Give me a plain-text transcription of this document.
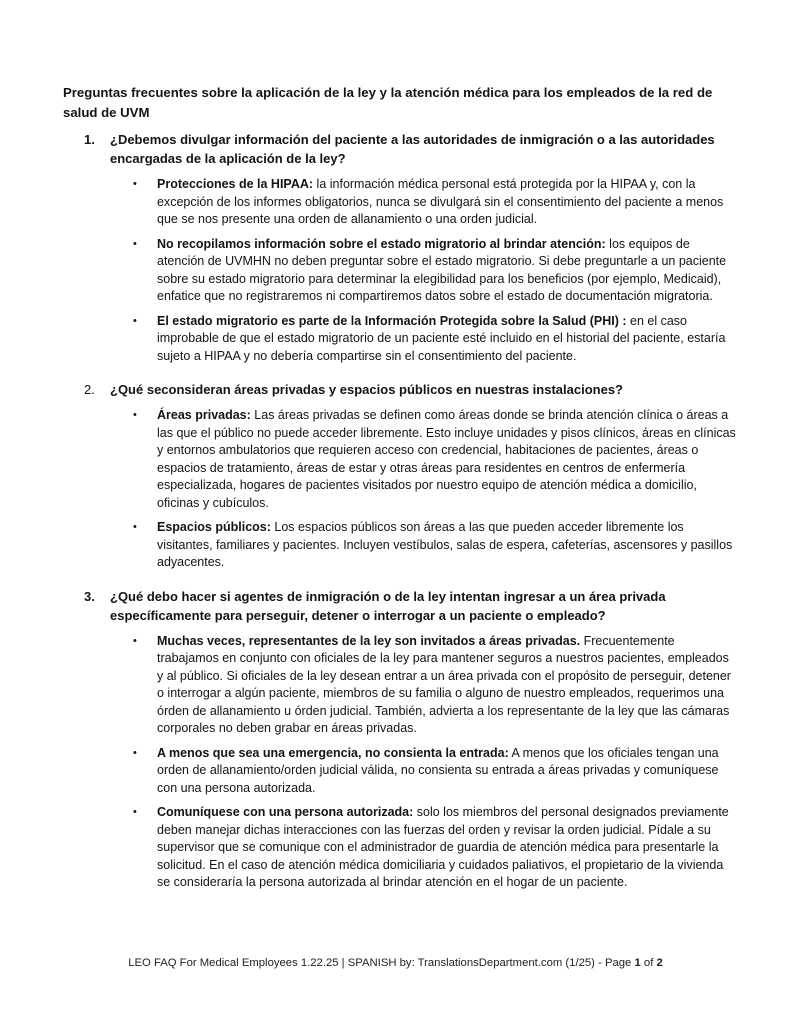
Preguntas frecuentes sobre la aplicación de la ley y la atención médica para los empleados de la red de salud de UVM

1.	¿Debemos divulgar información del paciente a las autoridades de inmigración o a las autoridades encargadas de la aplicación de la ley?
•	Protecciones de la HIPAA: la información médica personal está protegida por la HIPAA y, con la excepción de los informes obligatorios, nunca se divulgará sin el consentimiento del paciente a menos que se nos presente una orden de allanamiento o una orden judicial.

•	No recopilamos información sobre el estado migratorio al brindar atención: los equipos de atención de UVMHN no deben preguntar sobre el estado migratorio. Si debe preguntarle a un paciente sobre su estado migratorio para determinar la elegibilidad para los beneficios (por ejemplo, Medicaid), enfatice que no registraremos ni compartiremos datos sobre el estado de documentación migratoria.

•	El estado migratorio es parte de la Información Protegida sobre la Salud (PHI) : en el caso improbable de que el estado migratorio de un paciente esté incluido en el historial del paciente, estaría sujeto a HIPAA y no debería compartirse sin el consentimiento del paciente.

2.	¿Qué seconsideran áreas privadas y espacios públicos en nuestras instalaciones?
•	Áreas privadas: Las áreas privadas se definen como áreas donde se brinda atención clínica o áreas a las que el público no puede acceder libremente. Esto incluye unidades y pisos clínicos, áreas en clínicas y entornos ambulatorios que requieren acceso con credencial, habitaciones de pacientes, áreas o espacios de tratamiento, áreas de estar y otras áreas para residentes en centros de enfermería especializada, hogares de pacientes visitados por nuestro equipo de atención médica a domicilio, oficinas y cubículos.

•	Espacios públicos: Los espacios públicos son áreas a las que pueden acceder libremente los visitantes, familiares y pacientes. Incluyen vestíbulos, salas de espera, cafeterías, ascensores y pasillos adyacentes.

3.	¿Qué debo hacer si agentes de inmigración o de la ley intentan ingresar a un área privada específicamente para perseguir, detener o interrogar a un paciente o empleado?
•	Muchas veces, representantes de la ley son invitados a áreas privadas. Frecuentemente trabajamos en conjunto con oficiales de la ley para mantener seguros a nuestros pacientes, empleados y al público. Si oficiales de la ley desean entrar a un área privada con el propósito de perseguir, detener o interrogar a algún paciente, miembros de su familia o alguno de nuestro empleados, requerimos una órden de allanamiento u órden judicial. También, advierta a los representante de la ley que las cámaras corporales no deben grabar en áreas privadas.

•	A menos que sea una emergencia, no consienta la entrada: A menos que los oficiales tengan una orden de allanamiento/orden judicial válida, no consienta su entrada a áreas privadas y comuníquese con una persona autorizada.

•	Comuníquese con una persona autorizada: solo los miembros del personal designados previamente deben manejar dichas interacciones con las fuerzas del orden y revisar la orden judicial. Pídale a su supervisor que se comunique con el administrador de guardia de atención médica para presentarle la solicitud. En el caso de atención médica domiciliaria y cuidados paliativos, el propietario de la vivienda se consideraría la persona autorizada al brindar atención en el hogar de un paciente.

LEO FAQ For Medical Employees 1.22.25 | SPANISH by: TranslationsDepartment.com (1/25) - Page 1 of 2
